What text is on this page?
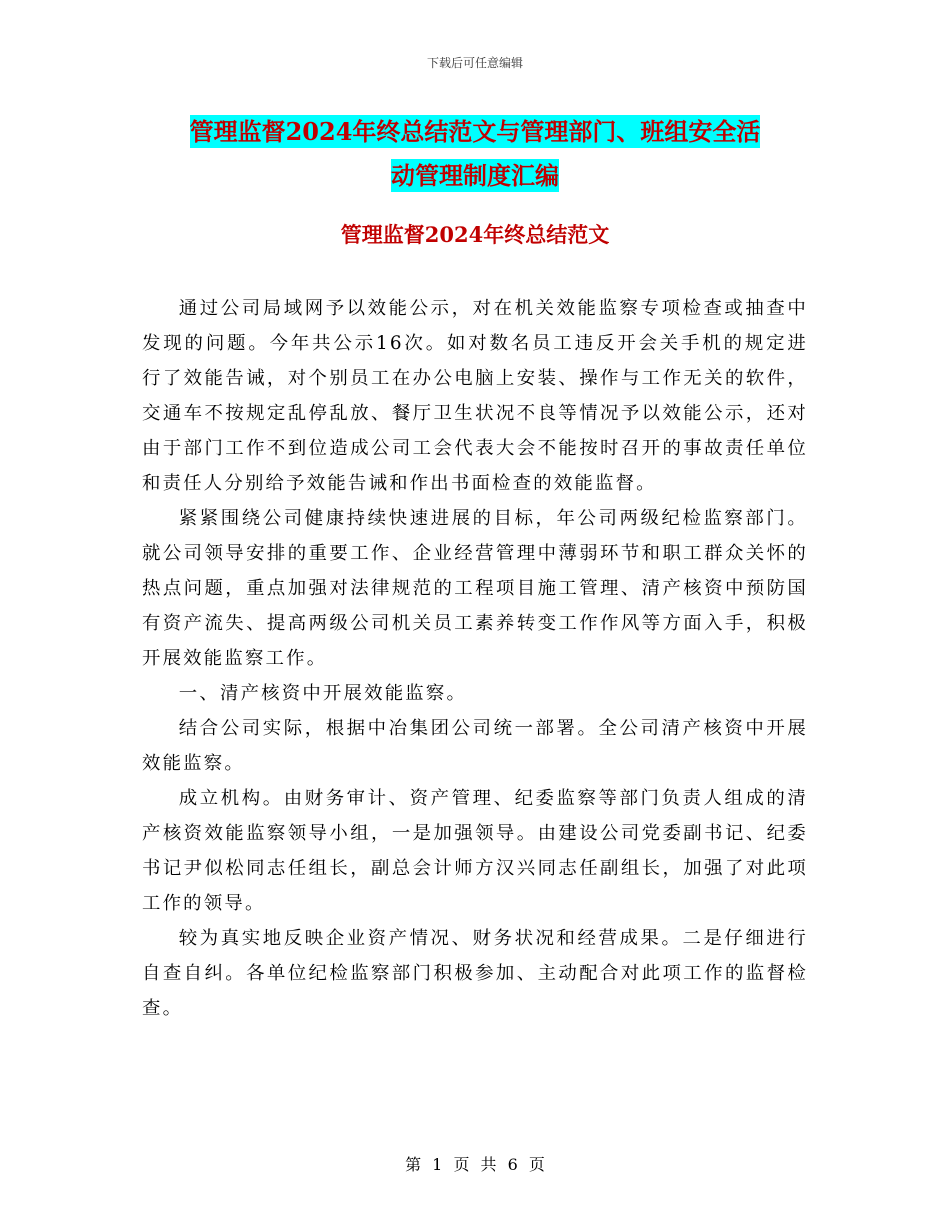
下载后可任意编辑
管理监督2024年终总结范文与管理部门、班组安全活
动管理制度汇编
管理监督2024年终总结范文

通过公司局域网予以效能公示，对在机关效能监察专项检查或抽查中发现的问题。今年共公示16次。如对数名员工违反开会关手机的规定进行了效能告诫，对个别员工在办公电脑上安装、操作与工作无关的软件，交通车不按规定乱停乱放、餐厅卫生状况不良等情况予以效能公示，还对由于部门工作不到位造成公司工会代表大会不能按时召开的事故责任单位和责任人分别给予效能告诫和作出书面检查的效能监督。

紧紧围绕公司健康持续快速进展的目标，年公司两级纪检监察部门。就公司领导安排的重要工作、企业经营管理中薄弱环节和职工群众关怀的热点问题，重点加强对法律规范的工程项目施工管理、清产核资中预防国有资产流失、提高两级公司机关员工素养转变工作作风等方面入手，积极开展效能监察工作。

一、清产核资中开展效能监察。

结合公司实际，根据中冶集团公司统一部署。全公司清产核资中开展效能监察。

成立机构。由财务审计、资产管理、纪委监察等部门负责人组成的清产核资效能监察领导小组，一是加强领导。由建设公司党委副书记、纪委书记尹似松同志任组长，副总会计师方汉兴同志任副组长，加强了对此项工作的领导。

较为真实地反映企业资产情况、财务状况和经营成果。二是仔细进行自查自纠。各单位纪检监察部门积极参加、主动配合对此项工作的监督检查。

第 1 页 共 6 页
